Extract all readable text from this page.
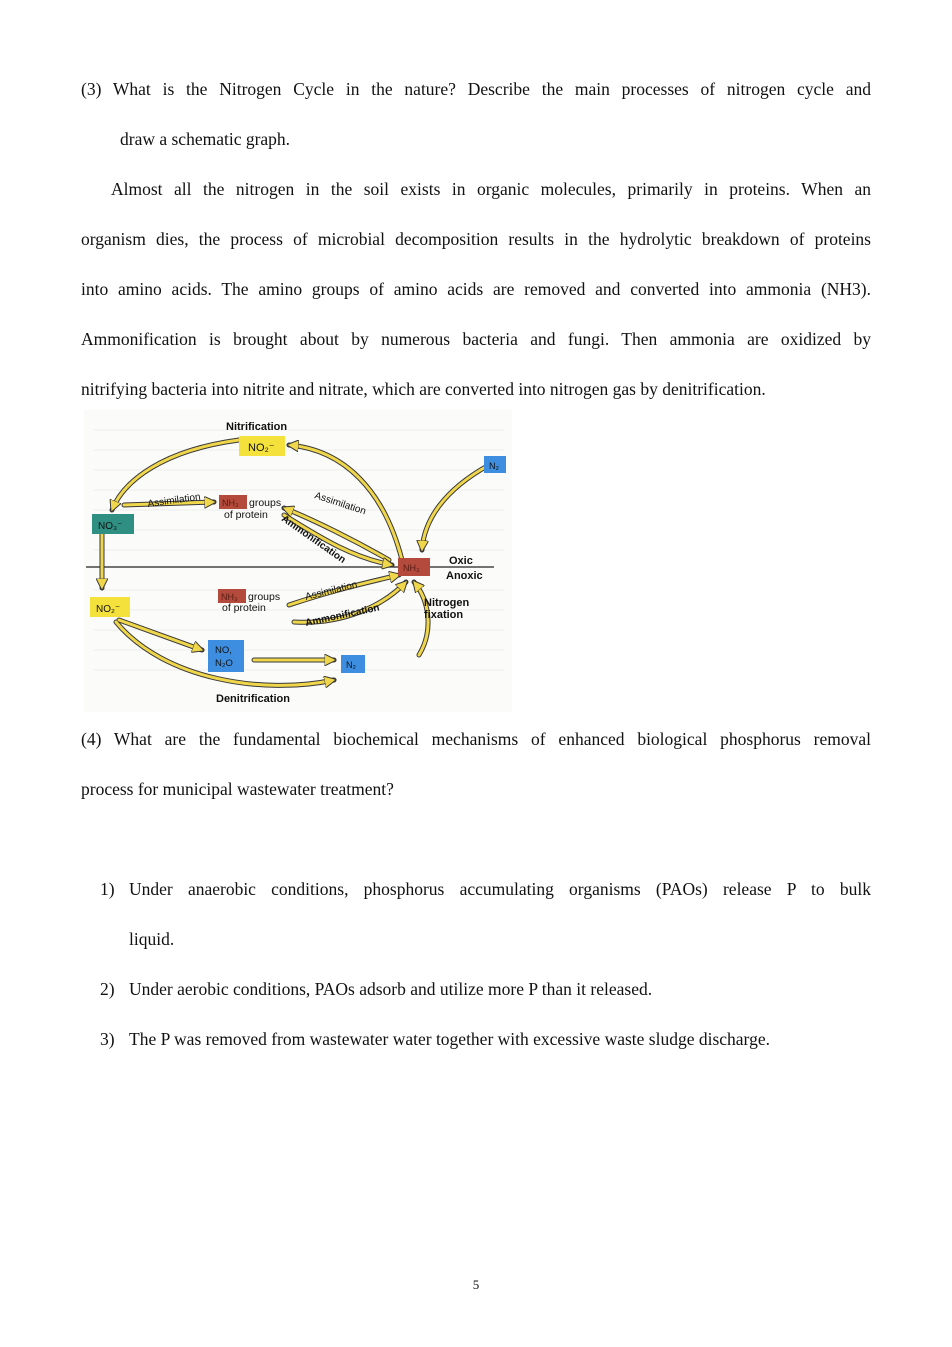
(3) What is the Nitrogen Cycle in the nature? Describe the main processes of nitrogen cycle and
draw a schematic graph.
Almost all the nitrogen in the soil exists in organic molecules, primarily in proteins. When an
organism dies, the process of microbial decomposition results in the hydrolytic breakdown of proteins
into amino acids. The amino groups of amino acids are removed and converted into ammonia (NH3).
Ammonification is brought about by numerous bacteria and fungi. Then ammonia are oxidized by
nitrifying bacteria into nitrite and nitrate, which are converted into nitrogen gas by denitrification.
Nitrification
NO₂⁻
N₂
NO₃⁻
Assimilation NH₃ groups
of protein	Assimilation
Ammonification
NH₃
Oxic
Anoxic
NO₂⁻
NH₃ groups
of protein
Assimilation
Ammonification	Nitrogen
fixation
NO,
N₂O	N₂
Denitrification
(4) What are the fundamental biochemical mechanisms of enhanced biological phosphorus removal
process for municipal wastewater treatment?
1) Under anaerobic conditions, phosphorus accumulating organisms (PAOs) release P to bulk
liquid.
2) Under aerobic conditions, PAOs adsorb and utilize more P than it released.
3) The P was removed from wastewater water together with excessive waste sludge discharge.
5
